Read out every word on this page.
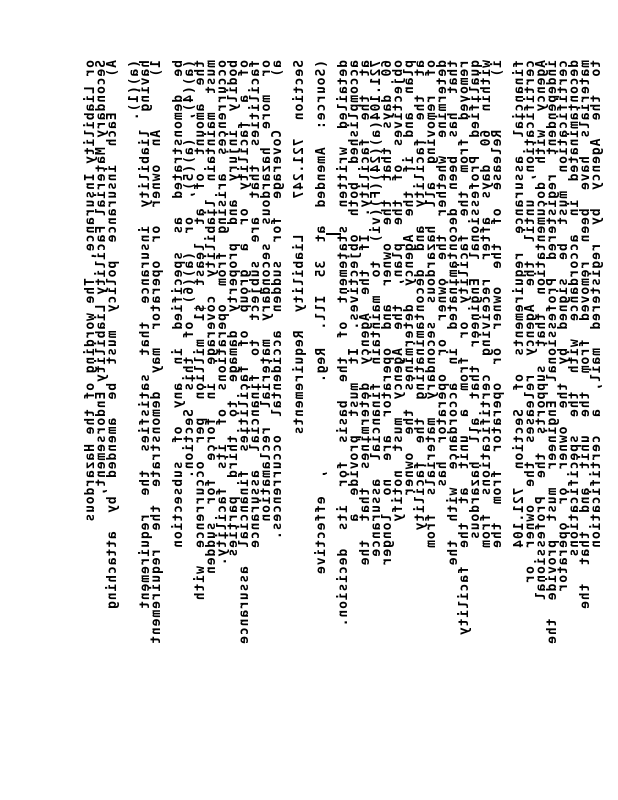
or Liability Insurance.  The wording of the Hazardous
Secondary Material Facility Liability Endorsement,
A)    Each  insurance  policy  must  be  amended  by  attaching (a)(1).
having  liability  insurance  that  satisfies  the  requirement
1)      An  owner  or  operator  may  demonstrate  the  requirement be  demonstrated  as  specified  in  any  of  subsection
(a)(4),  (a)(5),  or  (a)(6)  of  this  Section.
the  amount  of  at  least  $1  million  per  occurrence  with
must  maintain  liability  coverage  in  force  for  sudden
occurrences  arising  from  operations  of  its  facility.
bodily  injury  and  property  damage  to  third  parties
of  a  facility  or  a  group  of  facilities  financial  assurance
facilities  that  are  subject  to  financial  assurance
or  more  hazardous  secondary  material  reclamation
a)      Coverage  for  sudden  accidental  occurrences. Section  721.247    Liability  Requirements (Source:  Amended  at  35  Ill.  Reg.          ,  effective detailed  written  statement  of  the  basis  for  its  decision.
accomplished  both  objectives.  It  must  provide  a
at  the  facility.  If  the  Agency  determines  that  the
721.104(a)(24)(F)(vi)  to  maintain  financial  assurance
60  days  that  the  owner  and  operator  are  no  longer
objectives  of  the  plan,  the  Agency  must  notify
plan  and  if  the  Agency  determines  the  owner
at  the  facility  and  decontaminating  the  facility
of  removing  all  hazardous  secondary  materials  from
determine  whether  the  owner  or  operator  has
that  has  been  decontaminated  in  accordance  with  the
removed  from  the  facility  or  from  a  unit  at  the  facility
qualified  Professional  Engineer  that  all  hazardous
within  60  days  after  receiving  certifications  from
i)      Release  of  the  owner  or  operator  from  the financial  assurance  requirements  of  Section  721.104
certification,  until  the  Agency  releases  the  owner  or
Agency  with  documentation  that  supports  the  Professional
independent  registered  Professional  Engineer  must  provide  the
certification  must  be  signed  by  the  owner  or  operator
decontaminated  in  accordance  with  the  specifications
materials  have  been  removed  from  the  unit  and  that  the
to  the  Agency  by  registered  mail,  a  certification
